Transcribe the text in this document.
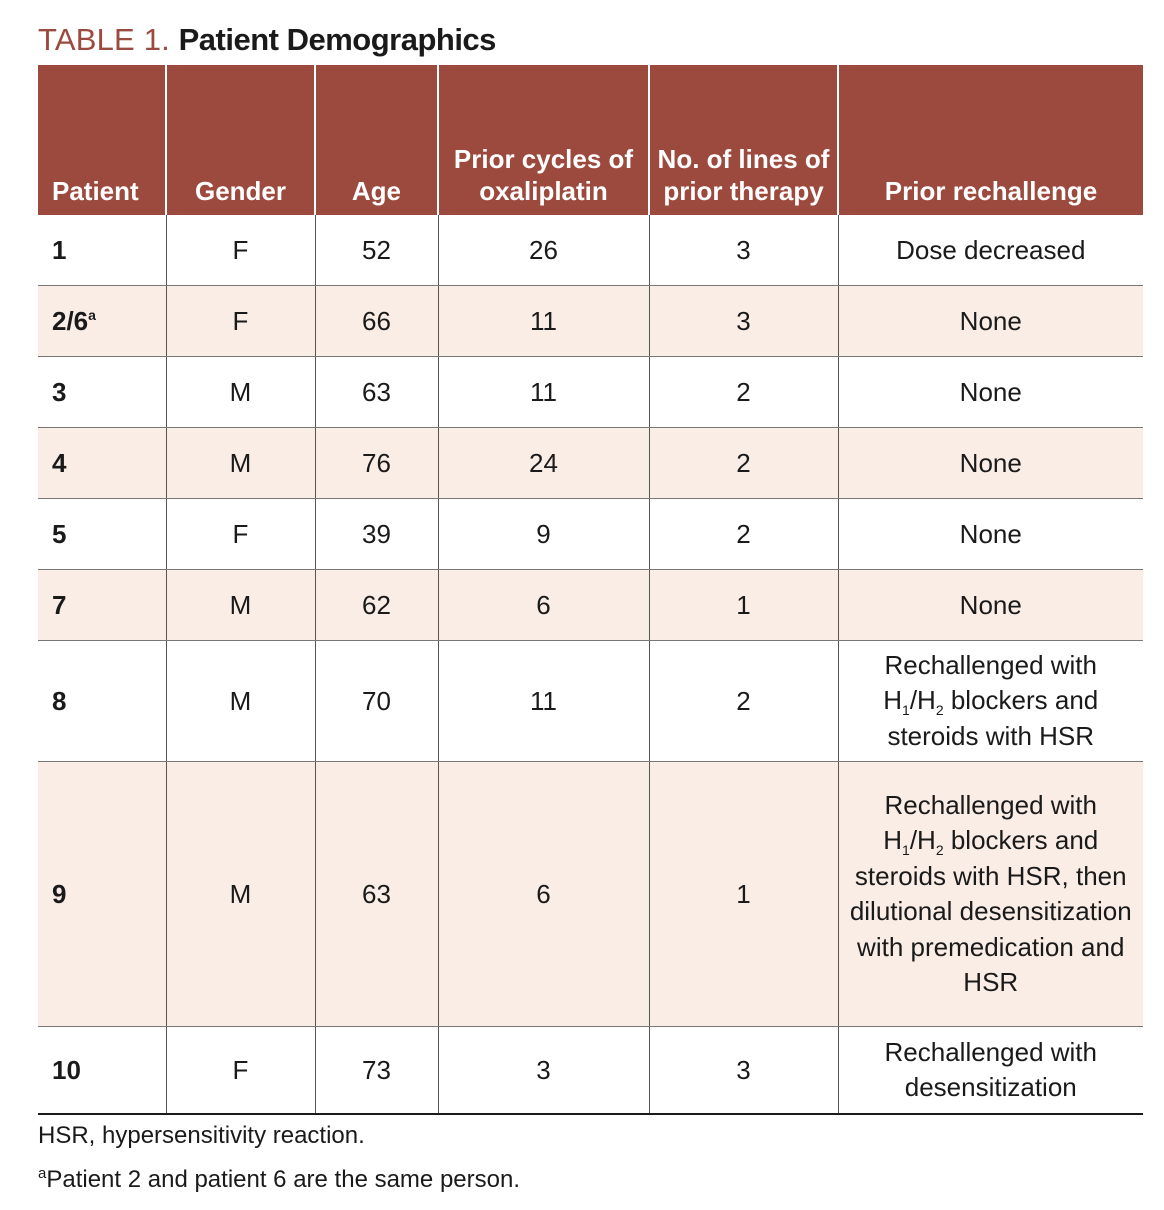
TABLE 1. Patient Demographics
Patient	Gender	Age	Prior cycles of oxaliplatin	No. of lines of prior therapy	Prior rechallenge
1	F	52	26	3	Dose decreased
2/6$^a$	F	66	11	3	None
3	M	63	11	2	None
4	M	76	24	2	None
5	F	39	9	2	None
7	M	62	6	1	None
8	M	70	11	2	Rechallenged with
$H_1/H_2$ blockers and
steroids with HSR
9	M	63	6	1	Rechallenged with
$H_1/H_2$ blockers and
steroids with HSR, then dilutional desensitization with premedication and HSR
10	F	73	3	3	Rechallenged with desensitization
HSR, hypersensitivity reaction.
$^a$Patient 2 and patient 6 are the same person.
